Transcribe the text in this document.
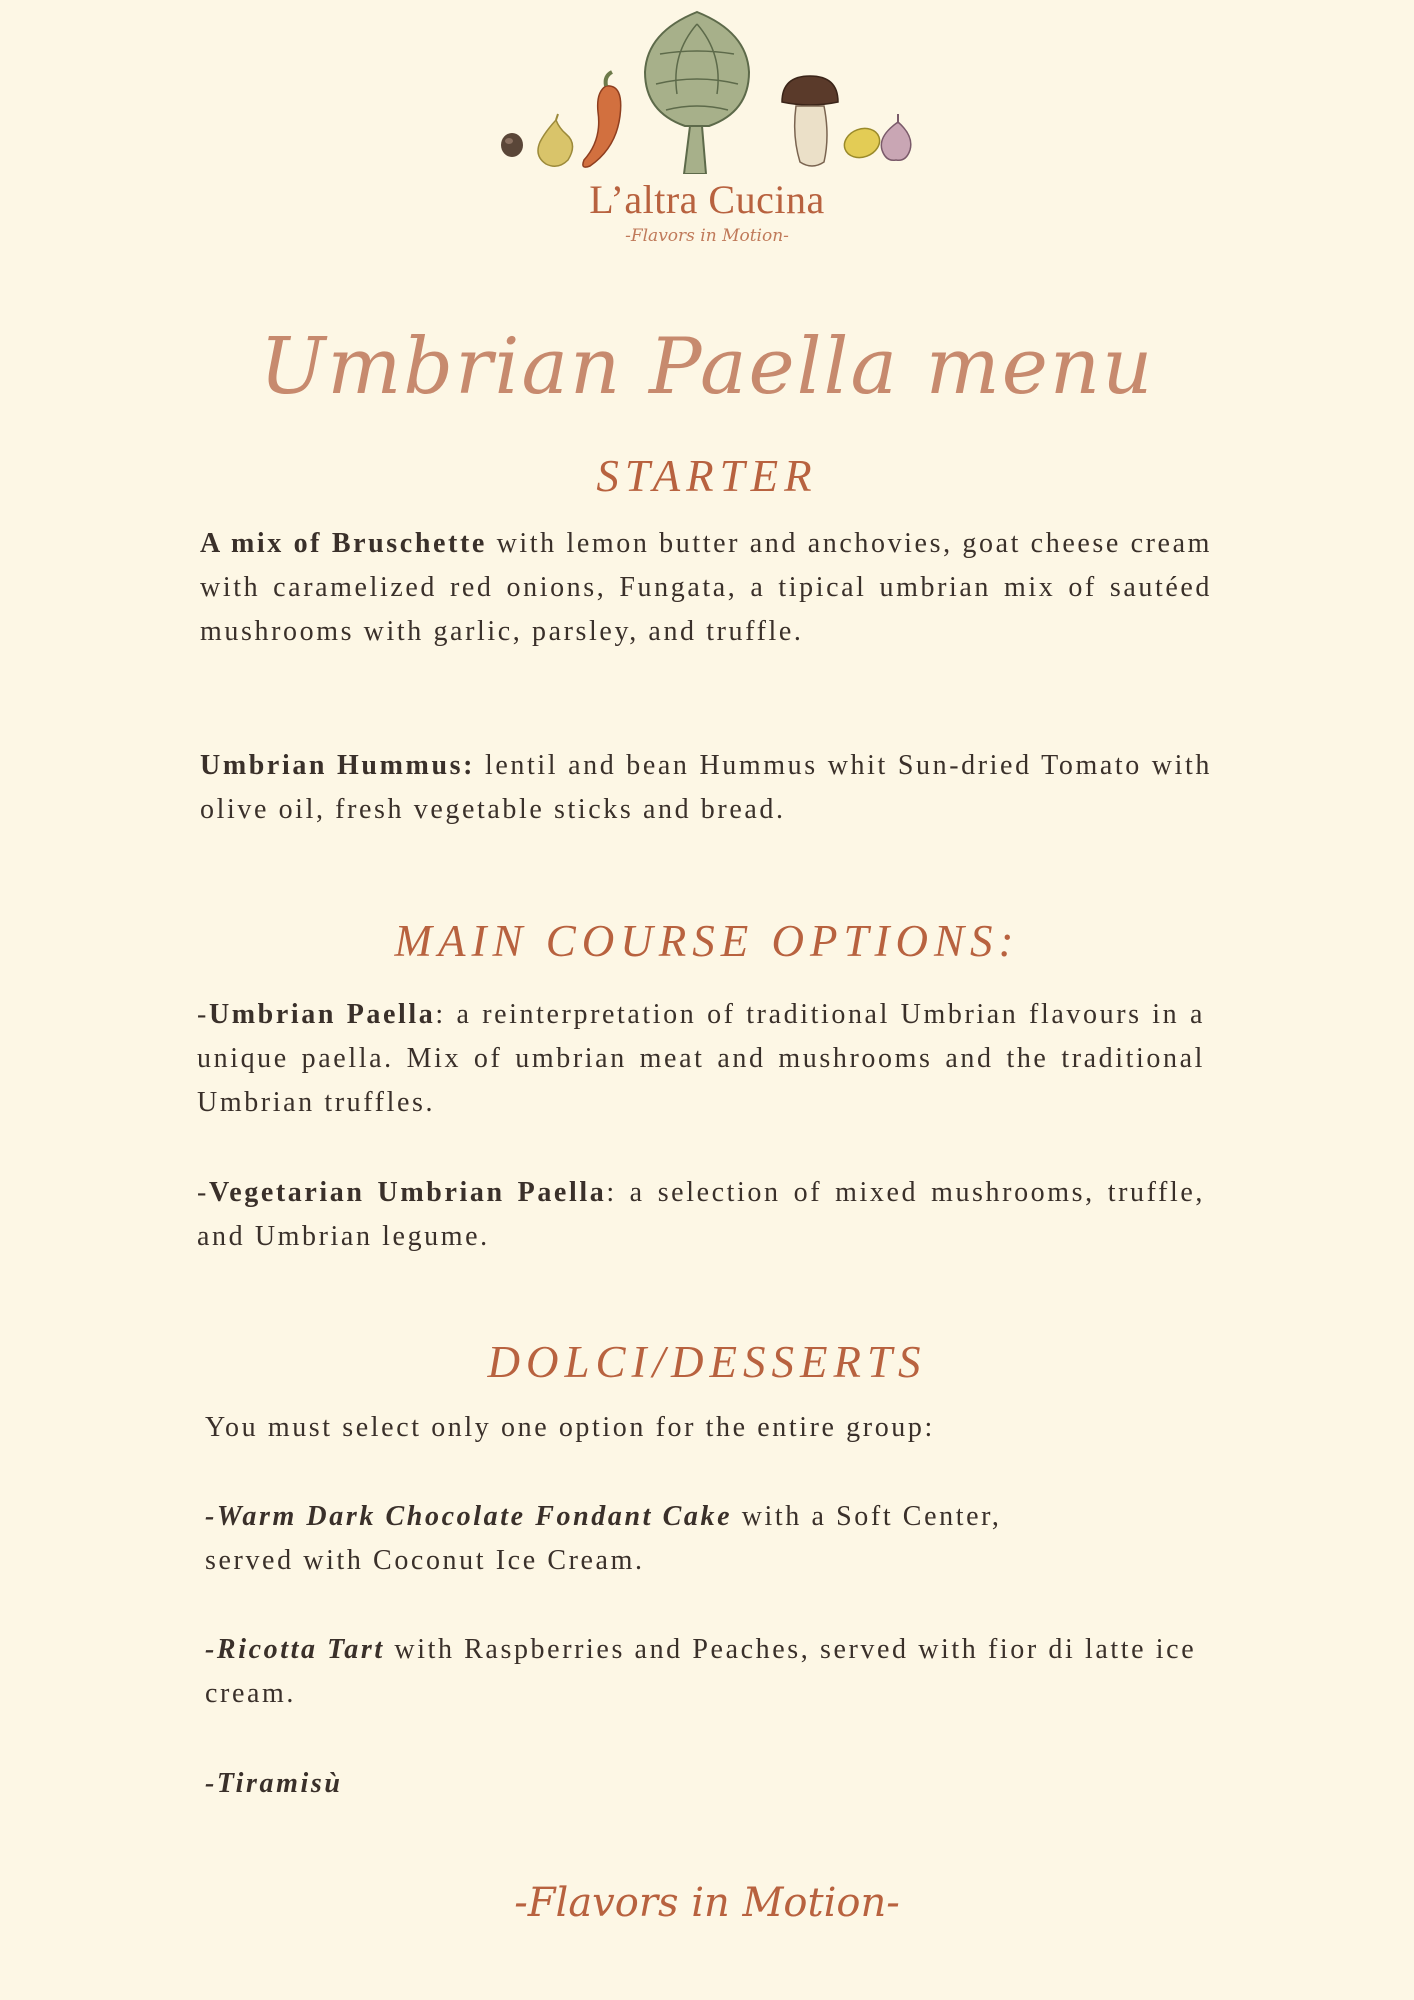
L’altra Cucina
-Flavors in Motion-
Umbrian Paella menu
STARTER

A mix of Bruschette with lemon butter and anchovies, goat cheese cream with caramelized red onions, Fungata, a tipical umbrian mix of sautéed mushrooms with garlic, parsley, and truffle.

Umbrian Hummus: lentil and bean Hummus whit Sun-dried Tomato with olive oil, fresh vegetable sticks and bread.

MAIN COURSE OPTIONS:

-Umbrian Paella: a reinterpretation of traditional Umbrian flavours in a unique paella. Mix of umbrian meat and mushrooms and the traditional Umbrian truffles.

-Vegetarian Umbrian Paella: a selection of mixed mushrooms, truffle, and Umbrian legume.

DOLCI/DESSERTS

You must select only one option for the entire group:

-Warm Dark Chocolate Fondant Cake with a Soft Center,
served with Coconut Ice Cream.

-Ricotta Tart with Raspberries and Peaches, served with fior di latte ice cream.

-Tiramisù

-Flavors in Motion-
